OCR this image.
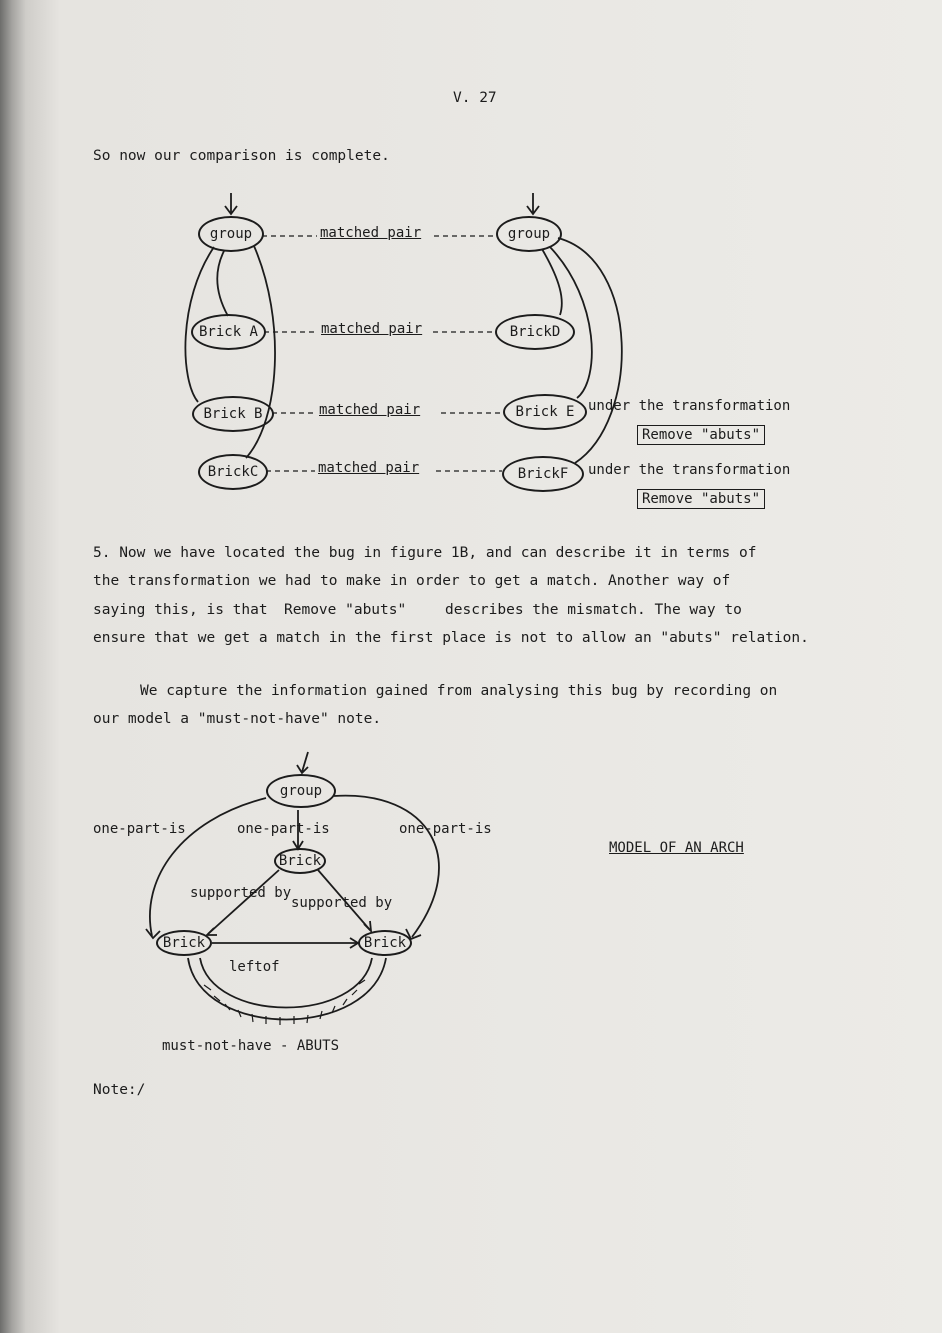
V. 27
So now our comparison is complete.
group	group
Brick A	BrickD
Brick B	Brick E
BrickC	BrickF
matched pair
matched pair
matched pair
matched pair
under the transformation
Remove "abuts"
under the transformation
Remove "abuts"
5. Now we have located the bug in figure 1B, and can describe it in terms of
the transformation we had to make in order to get a match. Another way of
saying this, is that Remove "abuts"	describes the mismatch. The way to
ensure that we get a match in the first place is not to allow an "abuts" relation.
We capture the information gained from analysing this bug by recording on
our model a "must-not-have" note.
group
Brick
Brick	Brick
one-part-is	one-part-is	one-part-is
supported by
supported by
leftof
must-not-have - ABUTS
MODEL OF AN ARCH
Note:/
